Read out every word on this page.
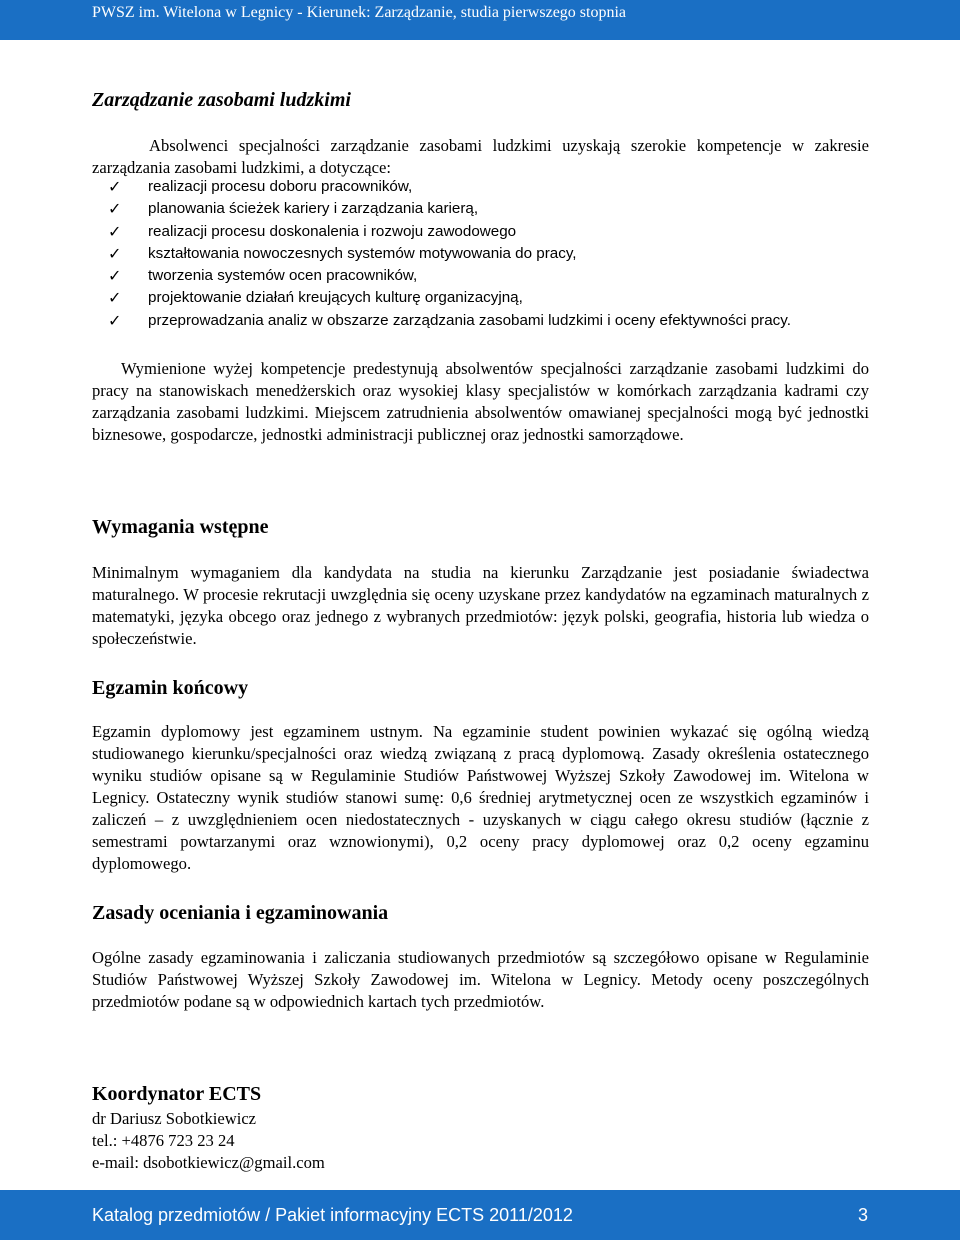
PWSZ im. Witelona w Legnicy - Kierunek: Zarządzanie, studia pierwszego stopnia
Zarządzanie zasobami ludzkimi

Absolwenci specjalności zarządzanie zasobami ludzkimi uzyskają szerokie kompetencje w zakresie zarządzania zasobami ludzkimi, a dotyczące:

✓ realizacji procesu doboru pracowników,
✓ planowania ścieżek kariery i zarządzania karierą,
✓ realizacji procesu doskonalenia i rozwoju zawodowego
✓ kształtowania nowoczesnych systemów motywowania do pracy,
✓ tworzenia systemów ocen pracowników,
✓ projektowanie działań kreujących kulturę organizacyjną,
✓ przeprowadzania analiz w obszarze zarządzania zasobami ludzkimi i oceny efektywności pracy.

Wymienione wyżej kompetencje predestynują absolwentów specjalności zarządzanie zasobami ludzkimi do pracy na stanowiskach menedżerskich oraz wysokiej klasy specjalistów w komórkach zarządzania kadrami czy zarządzania zasobami ludzkimi. Miejscem zatrudnienia absolwentów omawianej specjalności mogą być jednostki biznesowe, gospodarcze, jednostki administracji publicznej oraz jednostki samorządowe.

Wymagania wstępne

Minimalnym wymaganiem dla kandydata na studia na kierunku Zarządzanie jest posiadanie świadectwa maturalnego. W procesie rekrutacji uwzględnia się oceny uzyskane przez kandydatów na egzaminach maturalnych z matematyki, języka obcego oraz jednego z wybranych przedmiotów: język polski, geografia, historia lub wiedza o społeczeństwie.

Egzamin końcowy

Egzamin dyplomowy jest egzaminem ustnym. Na egzaminie student powinien wykazać się ogólną wiedzą studiowanego kierunku/specjalności oraz wiedzą związaną z pracą dyplomową. Zasady określenia ostatecznego wyniku studiów opisane są w Regulaminie Studiów Państwowej Wyższej Szkoły Zawodowej im. Witelona w Legnicy. Ostateczny wynik studiów stanowi sumę: 0,6 średniej arytmetycznej ocen ze wszystkich egzaminów i zaliczeń – z uwzględnieniem ocen niedostatecznych - uzyskanych w ciągu całego okresu studiów (łącznie z semestrami powtarzanymi oraz wznowionymi), 0,2 oceny pracy dyplomowej oraz 0,2 oceny egzaminu dyplomowego.

Zasady oceniania i egzaminowania

Ogólne zasady egzaminowania i zaliczania studiowanych przedmiotów są szczegółowo opisane w Regulaminie Studiów Państwowej Wyższej Szkoły Zawodowej im. Witelona w Legnicy. Metody oceny poszczególnych przedmiotów podane są w odpowiednich kartach tych przedmiotów.

Koordynator ECTS

dr Dariusz Sobotkiewicz

tel.: +4876 723 23 24

e-mail: dsobotkiewicz@gmail.com

Katalog przedmiotów / Pakiet informacyjny ECTS 2011/2012	3
